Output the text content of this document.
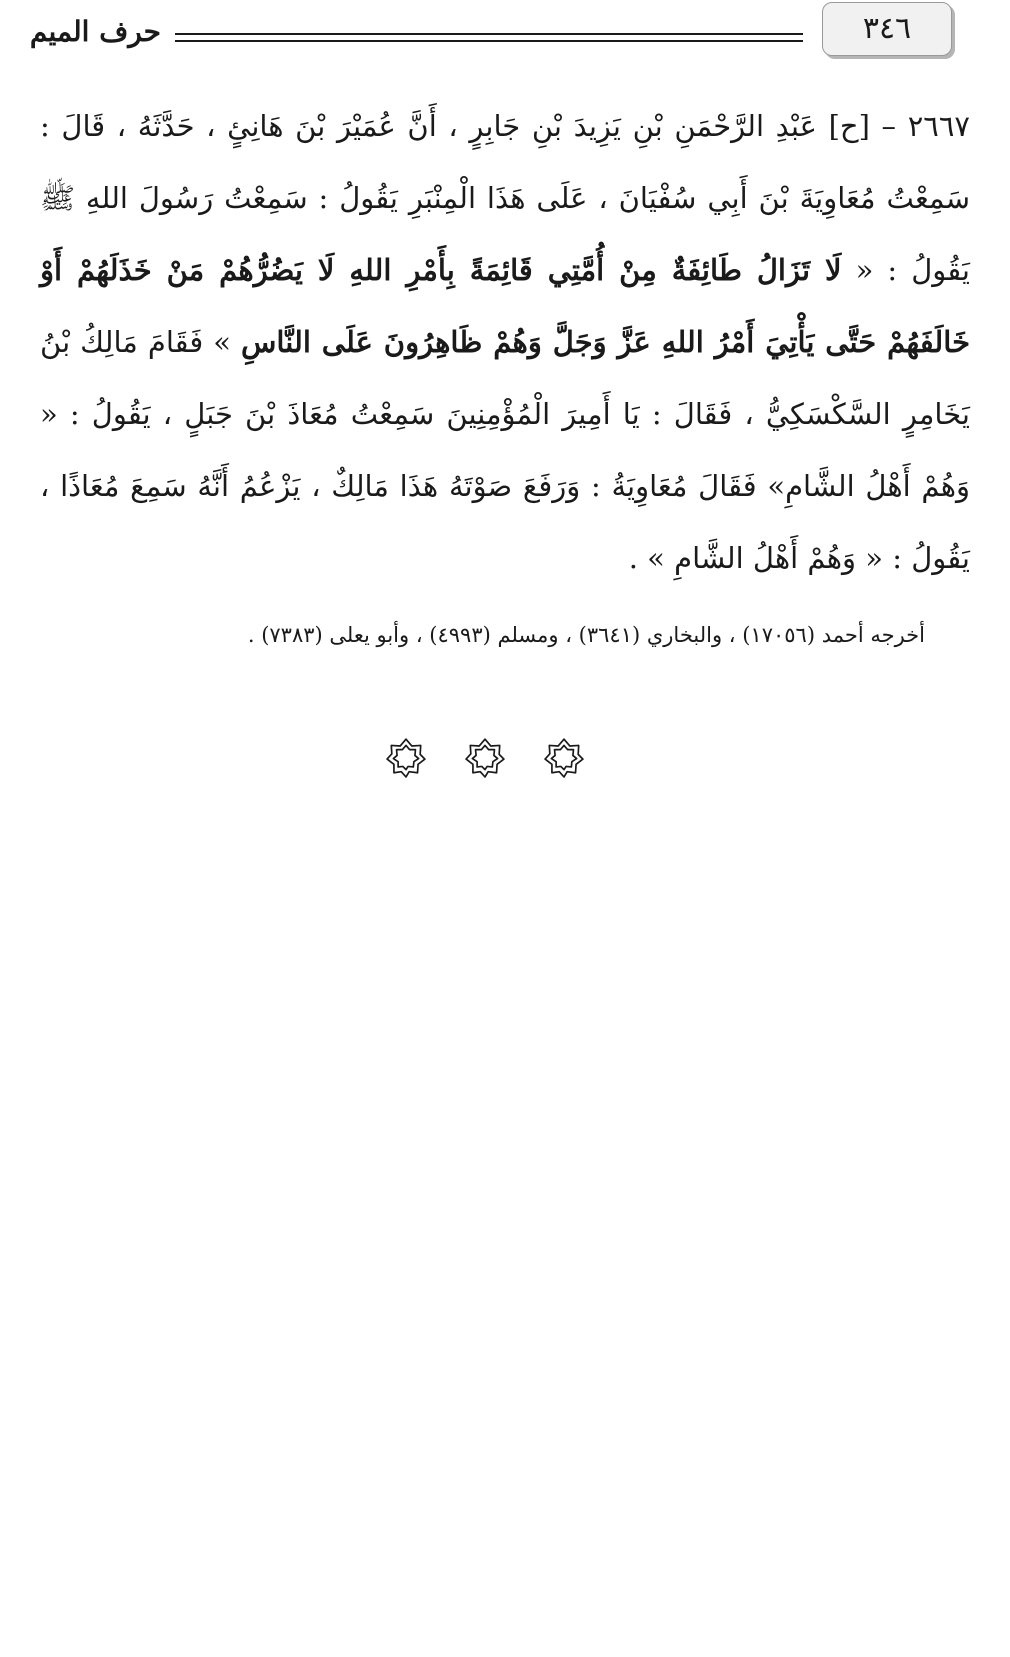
٣٤٦
حرف الميم

٢٦٦٧ – [ح] عَبْدِ الرَّحْمَنِ بْنِ يَزِيدَ بْنِ جَابِرٍ ، أَنَّ عُمَيْرَ بْنَ هَانِئٍ ، حَدَّثَهُ ، قَالَ : سَمِعْتُ مُعَاوِيَةَ بْنَ أَبِي سُفْيَانَ ، عَلَى هَذَا الْمِنْبَرِ يَقُولُ : سَمِعْتُ رَسُولَ اللهِ ﷺ يَقُولُ : « لَا تَزَالُ طَائِفَةٌ مِنْ أُمَّتِي قَائِمَةً بِأَمْرِ اللهِ لَا يَضُرُّهُمْ مَنْ خَذَلَهُمْ أَوْ خَالَفَهُمْ حَتَّى يَأْتِيَ أَمْرُ اللهِ عَزَّ وَجَلَّ وَهُمْ ظَاهِرُونَ عَلَى النَّاسِ » فَقَامَ مَالِكُ بْنُ يَخَامِرٍ السَّكْسَكِيُّ ، فَقَالَ : يَا أَمِيرَ الْمُؤْمِنِينَ سَمِعْتُ مُعَاذَ بْنَ جَبَلٍ ، يَقُولُ : « وَهُمْ أَهْلُ الشَّامِ» فَقَالَ مُعَاوِيَةُ : وَرَفَعَ صَوْتَهُ هَذَا مَالِكٌ ، يَزْعُمُ أَنَّهُ سَمِعَ مُعَاذًا ، يَقُولُ : « وَهُمْ أَهْلُ الشَّامِ » .

أخرجه أحمد (١٧٠٥٦) ، والبخاري (٣٦٤١) ، ومسلم (٤٩٩٣) ، وأبو يعلى (٧٣٨٣) .
